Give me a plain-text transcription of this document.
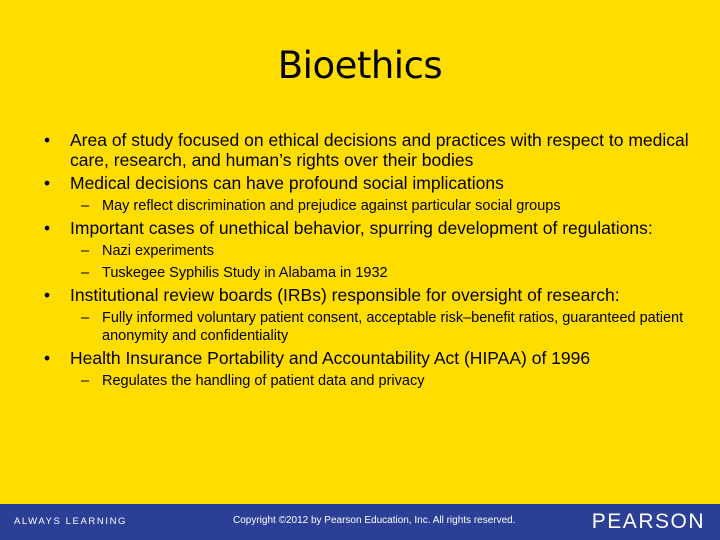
Bioethics
• Area of study focused on ethical decisions and practices with respect to medical care, research, and human’s rights over their bodies
• Medical decisions can have profound social implications
– May reflect discrimination and prejudice against particular social groups
• Important cases of unethical behavior, spurring development of regulations:
– Nazi experiments
– Tuskegee Syphilis Study in Alabama in 1932
• Institutional review boards (IRBs) responsible for oversight of research:
– Fully informed voluntary patient consent, acceptable risk–benefit ratios, guaranteed patient anonymity and confidentiality
• Health Insurance Portability and Accountability Act (HIPAA) of 1996
– Regulates the handling of patient data and privacy
ALWAYS LEARNING	Copyright ©2012 by Pearson Education, Inc. All rights reserved.	PEARSON
